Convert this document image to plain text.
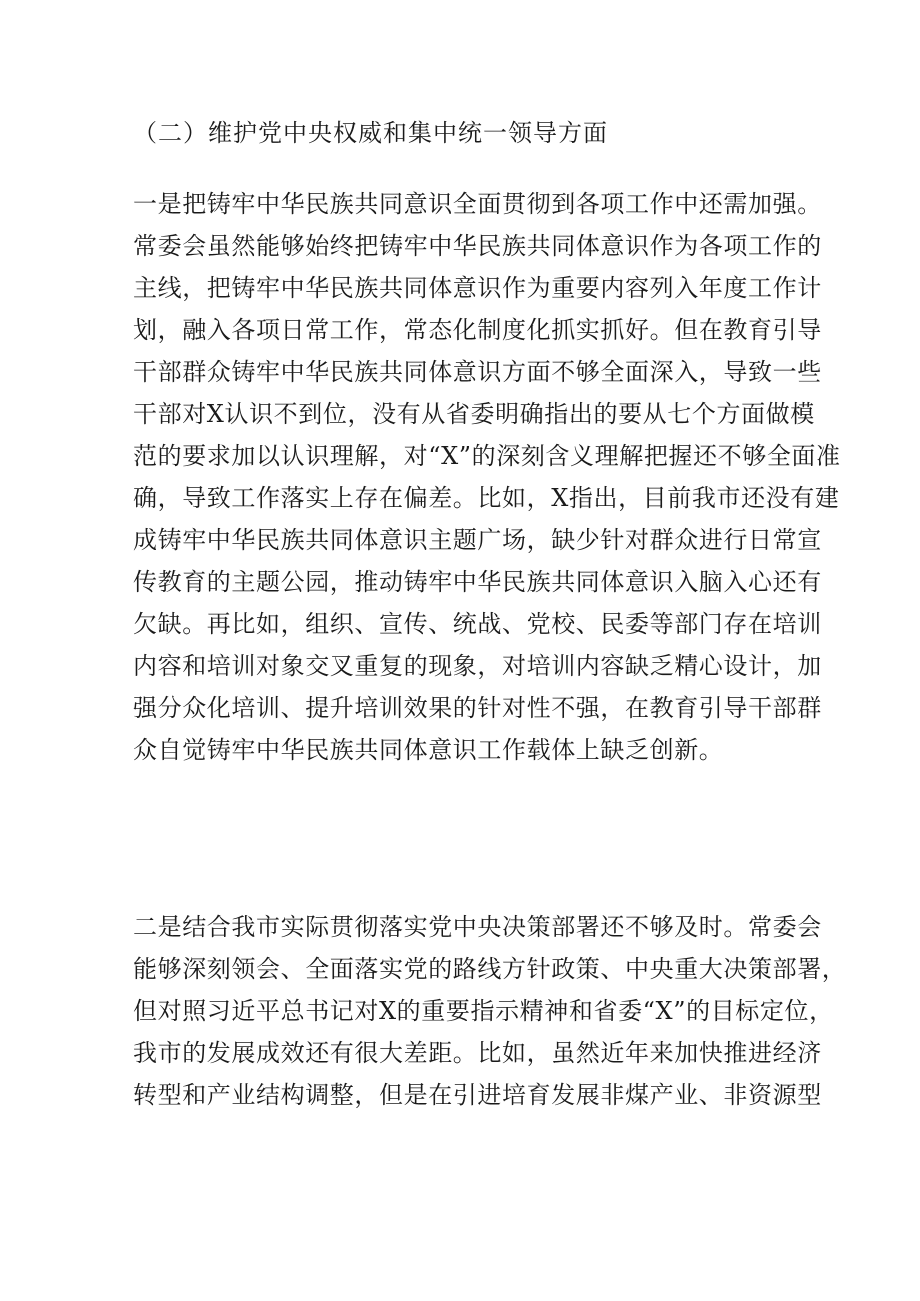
（二）维护党中央权威和集中统一领导方面
一是把铸牢中华民族共同意识全面贯彻到各项工作中还需加强。
常委会虽然能够始终把铸牢中华民族共同体意识作为各项工作的
主线，把铸牢中华民族共同体意识作为重要内容列入年度工作计
划，融入各项日常工作，常态化制度化抓实抓好。但在教育引导
干部群众铸牢中华民族共同体意识方面不够全面深入，导致一些
干部对X认识不到位，没有从省委明确指出的要从七个方面做模
范的要求加以认识理解，对“X”的深刻含义理解把握还不够全面准
确，导致工作落实上存在偏差。比如，X指出，目前我市还没有建
成铸牢中华民族共同体意识主题广场，缺少针对群众进行日常宣
传教育的主题公园，推动铸牢中华民族共同体意识入脑入心还有
欠缺。再比如，组织、宣传、统战、党校、民委等部门存在培训
内容和培训对象交叉重复的现象，对培训内容缺乏精心设计，加
强分众化培训、提升培训效果的针对性不强，在教育引导干部群
众自觉铸牢中华民族共同体意识工作载体上缺乏创新。
二是结合我市实际贯彻落实党中央决策部署还不够及时。常委会
能够深刻领会、全面落实党的路线方针政策、中央重大决策部署，
但对照习近平总书记对X的重要指示精神和省委“X”的目标定位，
我市的发展成效还有很大差距。比如，虽然近年来加快推进经济
转型和产业结构调整，但是在引进培育发展非煤产业、非资源型
